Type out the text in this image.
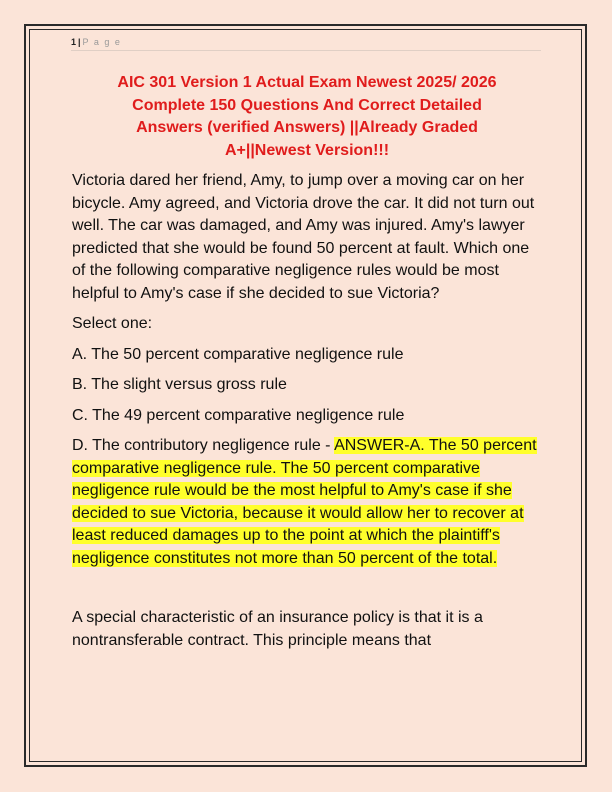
1 | P a g e
AIC 301 Version 1 Actual Exam Newest 2025/ 2026
Complete 150 Questions And Correct Detailed
Answers (verified Answers) ||Already Graded
A+||Newest Version!!!

Victoria dared her friend, Amy, to jump over a moving car on her bicycle. Amy agreed, and Victoria drove the car. It did not turn out well. The car was damaged, and Amy was injured. Amy's lawyer predicted that she would be found 50 percent at fault. Which one of the following comparative negligence rules would be most helpful to Amy's case if she decided to sue Victoria?

Select one:

A. The 50 percent comparative negligence rule

B. The slight versus gross rule

C. The 49 percent comparative negligence rule

D. The contributory negligence rule - ANSWER-A. The 50 percent comparative negligence rule. The 50 percent comparative negligence rule would be the most helpful to Amy's case if she decided to sue Victoria, because it would allow her to recover at least reduced damages up to the point at which the plaintiff's negligence constitutes not more than 50 percent of the total.

A special characteristic of an insurance policy is that it is a nontransferable contract. This principle means that
